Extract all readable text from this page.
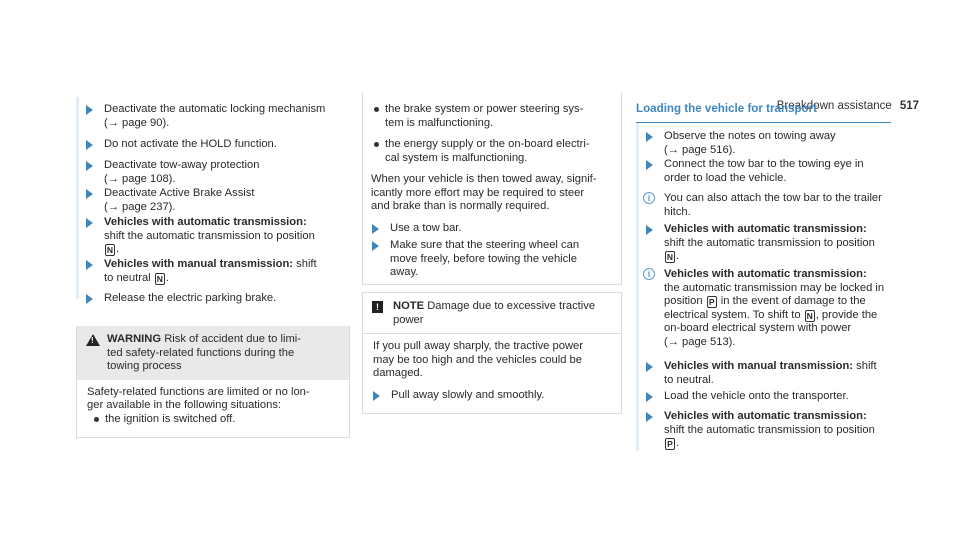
Breakdown assistance 517
Deactivate the automatic locking mechanism
(→ page 90).
Do not activate the HOLD function.
Deactivate tow-away protection
(→ page 108).
Deactivate Active Brake Assist
(→ page 237).
Vehicles with automatic transmission:
shift the automatic transmission to position
N .
Vehicles with manual transmission: shift
to neutral N .
Release the electric parking brake.
! WARNING Risk of accident due to limi-
ted safety-related functions during the
towing process
Safety-related functions are limited or no lon-
ger available in the following situations:
the ignition is switched off.
the brake system or power steering sys-
tem is malfunctioning.
the energy supply or the on-board electri-
cal system is malfunctioning.
When your vehicle is then towed away, signif-
icantly more effort may be required to steer
and brake than is normally required.
Use a tow bar.
Make sure that the steering wheel can
move freely, before towing the vehicle
away.
!	NOTE Damage due to excessive tractive
power
If you pull away sharply, the tractive power
may be too high and the vehicles could be
damaged.
Pull away slowly and smoothly.
Loading the vehicle for transport
Observe the notes on towing away
(→ page 516).
Connect the tow bar to the towing eye in
order to load the vehicle.
i	You can also attach the tow bar to the trailer
hitch.
Vehicles with automatic transmission:
shift the automatic transmission to position
N .
i	Vehicles with automatic transmission:
the automatic transmission may be locked in
position P in the event of damage to the
electrical system. To shift to N , provide the
on-board electrical system with power
(→ page 513).
Vehicles with manual transmission: shift
to neutral.
Load the vehicle onto the transporter.
Vehicles with automatic transmission:
shift the automatic transmission to position
P .
